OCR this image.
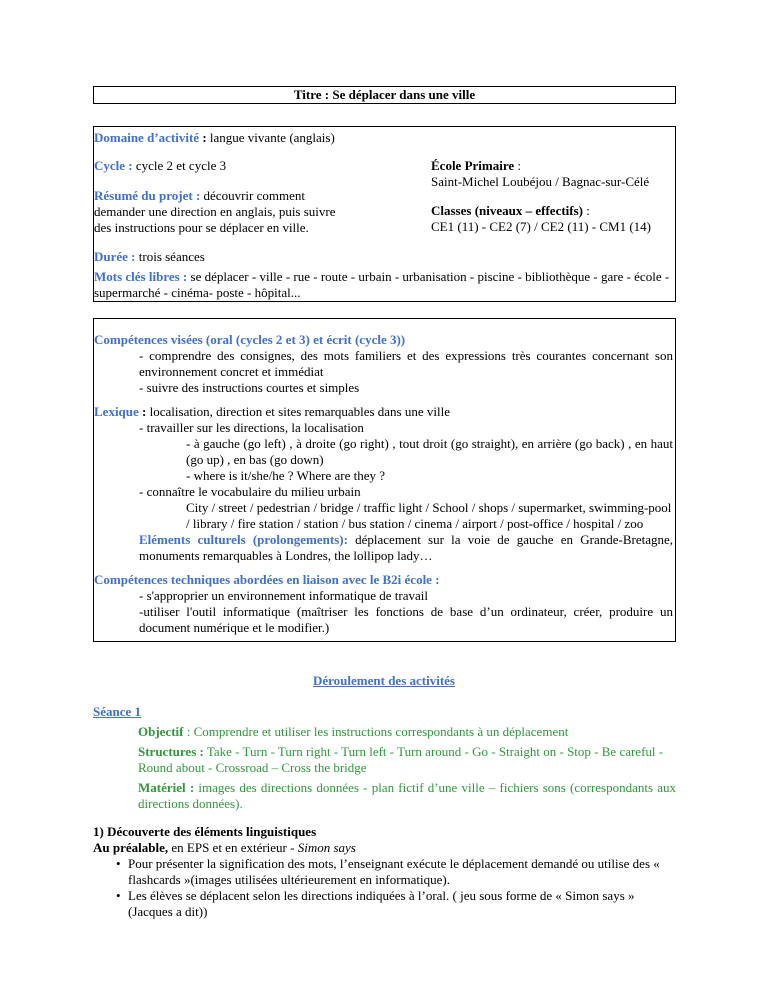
Titre : Se déplacer dans une ville

Domaine d’activité : langue vivante (anglais)

Cycle : cycle 2 et cycle 3

Résumé du projet : découvrir comment demander une direction en anglais, puis suivre des instructions pour se déplacer en ville.

École Primaire :
Saint-Michel Loubéjou / Bagnac-sur-Célé

Classes (niveaux – effectifs) :
CE1 (11) - CE2 (7) / CE2 (11) - CM1 (14)

Durée : trois séances

Mots clés libres : se déplacer - ville - rue - route - urbain - urbanisation - piscine - bibliothèque - gare - école - supermarché - cinéma- poste - hôpital...

Compétences visées (oral (cycles 2 et 3) et écrit (cycle 3))

- comprendre des consignes, des mots familiers et des expressions très courantes concernant son environnement concret et immédiat

- suivre des instructions courtes et simples

Lexique : localisation, direction et sites remarquables dans une ville

- travailler sur les directions, la localisation

- à gauche (go left) , à droite (go right) , tout droit (go straight), en arrière (go back) , en haut (go up) , en bas (go down)

- where is it/she/he ? Where are they ?

- connaître le vocabulaire du milieu urbain

City / street / pedestrian / bridge / traffic light / School / shops / supermarket, swimming-pool / library / fire station / station / bus station / cinema / airport / post-office / hospital / zoo

Eléments culturels (prolongements): déplacement sur la voie de gauche en Grande-Bretagne, monuments remarquables à Londres, the lollipop lady…

Compétences techniques abordées en liaison avec le B2i école :

- s'approprier un environnement informatique de travail

-utiliser l'outil informatique (maîtriser les fonctions de base d’un ordinateur, créer, produire un document numérique et le modifier.)

Déroulement des activités

Séance 1

Objectif : Comprendre et utiliser les instructions correspondants à un déplacement

Structures : Take - Turn - Turn right - Turn left - Turn around - Go - Straight on - Stop - Be careful - Round about - Crossroad – Cross the bridge

Matériel : images des directions données - plan fictif d’une ville – fichiers sons (correspondants aux directions données).

1) Découverte des éléments linguistiques

Au préalable, en EPS et en extérieur - Simon says

• Pour présenter la signification des mots, l’enseignant exécute le déplacement demandé ou utilise des « flashcards »(images utilisées ultérieurement en informatique).
• Les élèves se déplacent selon les directions indiquées à l’oral. ( jeu sous forme de « Simon says » (Jacques a dit))
